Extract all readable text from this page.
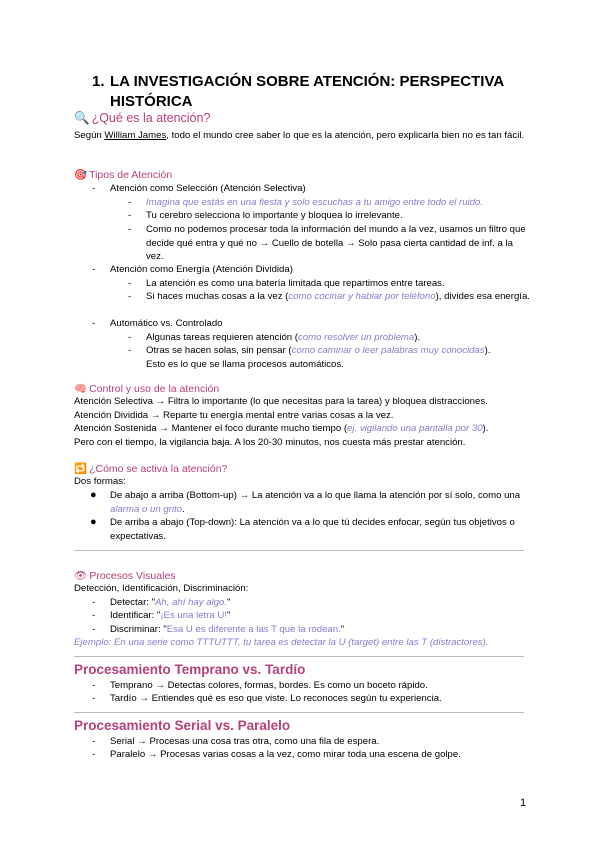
1. LA INVESTIGACIÓN SOBRE ATENCIÓN: PERSPECTIVA HISTÓRICA
🔍 ¿Qué es la atención?
Según William James, todo el mundo cree saber lo que es la atención, pero explicarla bien no es tan fácil.
🎯 Tipos de Atención
- Atención como Selección (Atención Selectiva)
- Imagina que estás en una fiesta y solo escuchas a tu amigo entre todo el ruido.
- Tu cerebro selecciona lo importante y bloquea lo irrelevante.
- Como no podemos procesar toda la información del mundo a la vez, usamos un filtro que decide qué entra y qué no → Cuello de botella → Solo pasa cierta cantidad de inf. a la vez.
- Atención como Energía (Atención Dividida)
- La atención es como una batería limitada que repartimos entre tareas.
- Si haces muchas cosas a la vez (como cocinar y hablar por teléfono), divides esa energía.
- Automático vs. Controlado
- Algunas tareas requieren atención (como resolver un problema).
- Otras se hacen solas, sin pensar (como caminar o leer palabras muy conocidas).
Esto es lo que se llama procesos automáticos.
🧠 Control y uso de la atención
Atención Selectiva → Filtra lo importante (lo que necesitas para la tarea) y bloquea distracciones.
Atención Dividida → Reparte tu energía mental entre varias cosas a la vez.
Atención Sostenida → Mantener el foco durante mucho tiempo (ej. vigilando una pantalla por 30).
Pero con el tiempo, la vigilancia baja. A los 20-30 minutos, nos cuesta más prestar atención.
🔁 ¿Cómo se activa la atención?
Dos formas:
● De abajo a arriba (Bottom-up) → La atención va a lo que llama la atención por sí solo, como una alarma o un grito.
● De arriba a abajo (Top-down): La atención va a lo que tú decides enfocar, según tus objetivos o expectativas.
👁 Procesos Visuales
Detección, Identificación, Discriminación:
- Detectar: "Ah, ahí hay algo."
- Identificar: "¡Es una letra U!"
- Discriminar: "Esa U es diferente a las T que la rodean."
Ejemplo: En una serie como TTTUTTT, tu tarea es detectar la U (target) entre las T (distractores).
Procesamiento Temprano vs. Tardío
- Temprano → Detectas colores, formas, bordes. Es como un boceto rápido.
- Tardío → Entiendes qué es eso que viste. Lo reconoces según tu experiencia.
Procesamiento Serial vs. Paralelo
- Serial → Procesas una cosa tras otra, como una fila de espera.
- Paralelo → Procesas varias cosas a la vez, como mirar toda una escena de golpe.
1
